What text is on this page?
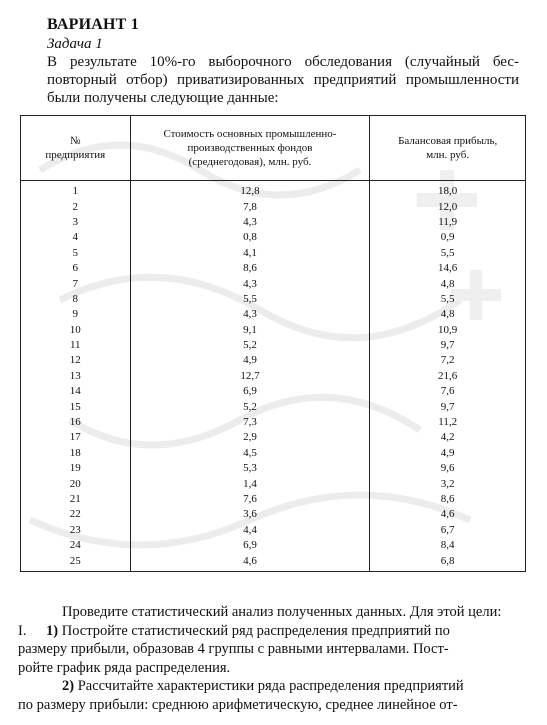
ВАРИАНТ 1
Задача 1
В результате 10%-го выборочного обследования (случайный бес-
повторный отбор) приватизированных предприятий промышленности
были получены следующие данные:
№
предприятия	Стоимость основных промышленно-
производственных фондов
(среднегодовая), млн. руб.	Балансовая прибыль,
млн. руб.
1	12,8	18,0
2	7,8	12,0
3	4,3	11,9
4	0,8	0,9
5	4,1	5,5
6	8,6	14,6
7	4,3	4,8
8	5,5	5,5
9	4,3	4,8
10	9,1	10,9
11	5,2	9,7
12	4,9	7,2
13	12,7	21,6
14	6,9	7,6
15	5,2	9,7
16	7,3	11,2
17	2,9	4,2
18	4,5	4,9
19	5,3	9,6
20	1,4	3,2
21	7,6	8,6
22	3,6	4,6
23	4,4	6,7
24	6,9	8,4
25	4,6	6,8
Проведите статистический анализ полученных данных. Для этой цели:
I. 1) Постройте статистический ряд распределения предприятий по
размеру прибыли, образовав 4 группы с равными интервалами. Пост-
ройте график ряда распределения.
2) Рассчитайте характеристики ряда распределения предприятий
по размеру прибыли: среднюю арифметическую, среднее линейное от-
